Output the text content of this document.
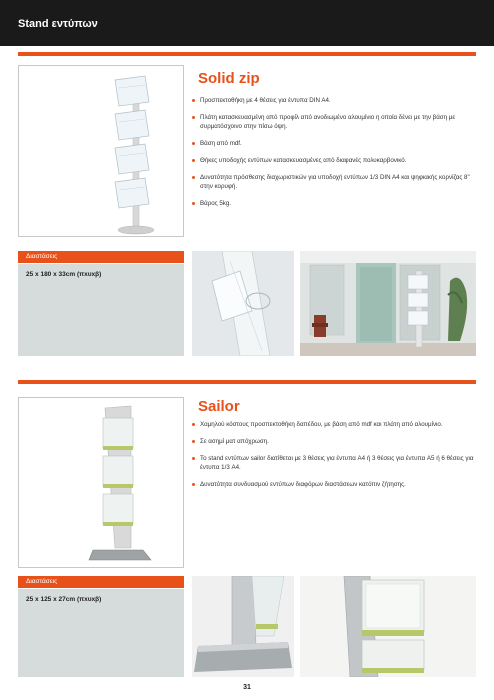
Stand εντύπων
Solid zip
Προσπεκτοθήκη με 4 θέσεις για έντυπα DIN A4.
Πλάτη κατασκευασμένη από προφίλ από ανοδιωμένο αλουμίνιο η οποία δένει με την βάση με συρματόσχοινο στην πίσω όψη.
Βάση από mdf.
Θήκες υποδοχής εντύπων κατασκευασμένες από διαφανές πολυκαρβονικό.
Δυνατότητα πρόσθεσης διαχωριστικών για υποδοχή εντύπων 1/3 DIN A4 και ψηφιακής κορνίζας 8" στην κορυφή.
Βάρος 5kg.
Διαστάσεις
25 x 180 x 33cm (πxυxβ)
Sailor
Χαμηλού κόστους προσπεκτοθήκη δαπέδου, με βάση από mdf και πλάτη από αλουμίνιο.
Σε ασημί ματ απόχρωση.
Το stand εντύπων sailor διατίθεται με 3 θέσεις για έντυπα A4 ή 3 θέσεις για έντυπα A5 ή 6 θέσεις για έντυπα 1/3 A4.
Δυνατότητα συνδυασμού εντύπων διαφόρων διαστάσεων κατόπιν ζήτησης.
Διαστάσεις
25 x 125 x 27cm (πxυxβ)
31
